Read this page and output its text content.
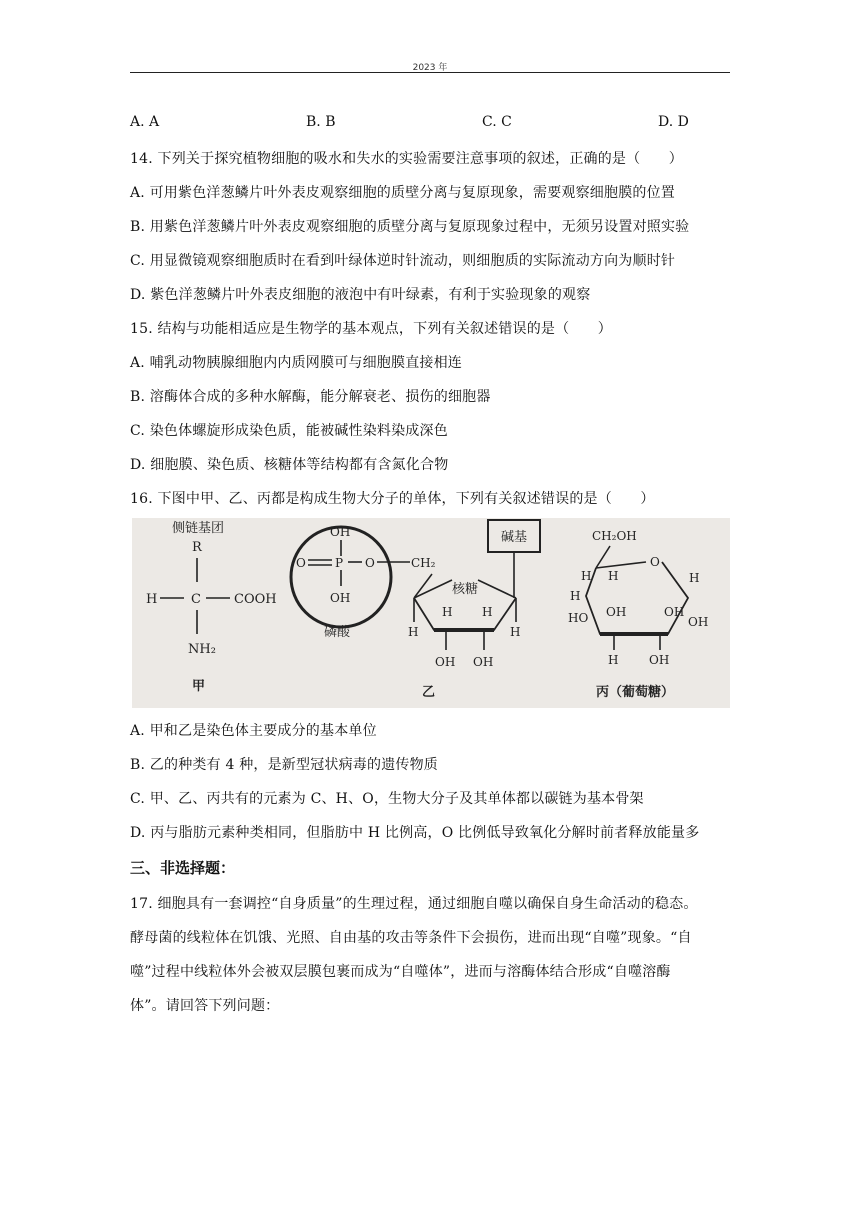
2023 年
A. A	B. B	C. C	D. D
14. 下列关于探究植物细胞的吸水和失水的实验需要注意事项的叙述，正确的是（　　）
A. 可用紫色洋葱鳞片叶外表皮观察细胞的质壁分离与复原现象，需要观察细胞膜的位置
B. 用紫色洋葱鳞片叶外表皮观察细胞的质壁分离与复原现象过程中，无须另设置对照实验
C. 用显微镜观察细胞质时在看到叶绿体逆时针流动，则细胞质的实际流动方向为顺时针
D. 紫色洋葱鳞片叶外表皮细胞的液泡中有叶绿素，有利于实验现象的观察
15. 结构与功能相适应是生物学的基本观点，下列有关叙述错误的是（　　）
A. 哺乳动物胰腺细胞内内质网膜可与细胞膜直接相连
B. 溶酶体合成的多种水解酶，能分解衰老、损伤的细胞器
C. 染色体螺旋形成染色质，能被碱性染料染成深色
D. 细胞膜、染色质、核糖体等结构都有含氮化合物
16. 下图中甲、乙、丙都是构成生物大分子的单体，下列有关叙述错误的是（　　）
侧链基团
R
H	C	COOH
NH₂
甲
OH
O P O
OH
磷酸
CH₂
核糖
碱基
H H
H	H
OH OH
乙
CH₂OH
O
H	H
OH	OH
H
HO	OH
H	OH
H
丙（葡萄糖）
A. 甲和乙是染色体主要成分的基本单位
B. 乙的种类有 4 种，是新型冠状病毒的遗传物质
C. 甲、乙、丙共有的元素为 C、H、O，生物大分子及其单体都以碳链为基本骨架
D. 丙与脂肪元素种类相同，但脂肪中 H 比例高，O 比例低导致氧化分解时前者释放能量多
三、非选择题：
17. 细胞具有一套调控“自身质量”的生理过程，通过细胞自噬以确保自身生命活动的稳态。
酵母菌的线粒体在饥饿、光照、自由基的攻击等条件下会损伤，进而出现“自噬”现象。“自
噬”过程中线粒体外会被双层膜包裹而成为“自噬体”，进而与溶酶体结合形成“自噬溶酶
体”。请回答下列问题：
